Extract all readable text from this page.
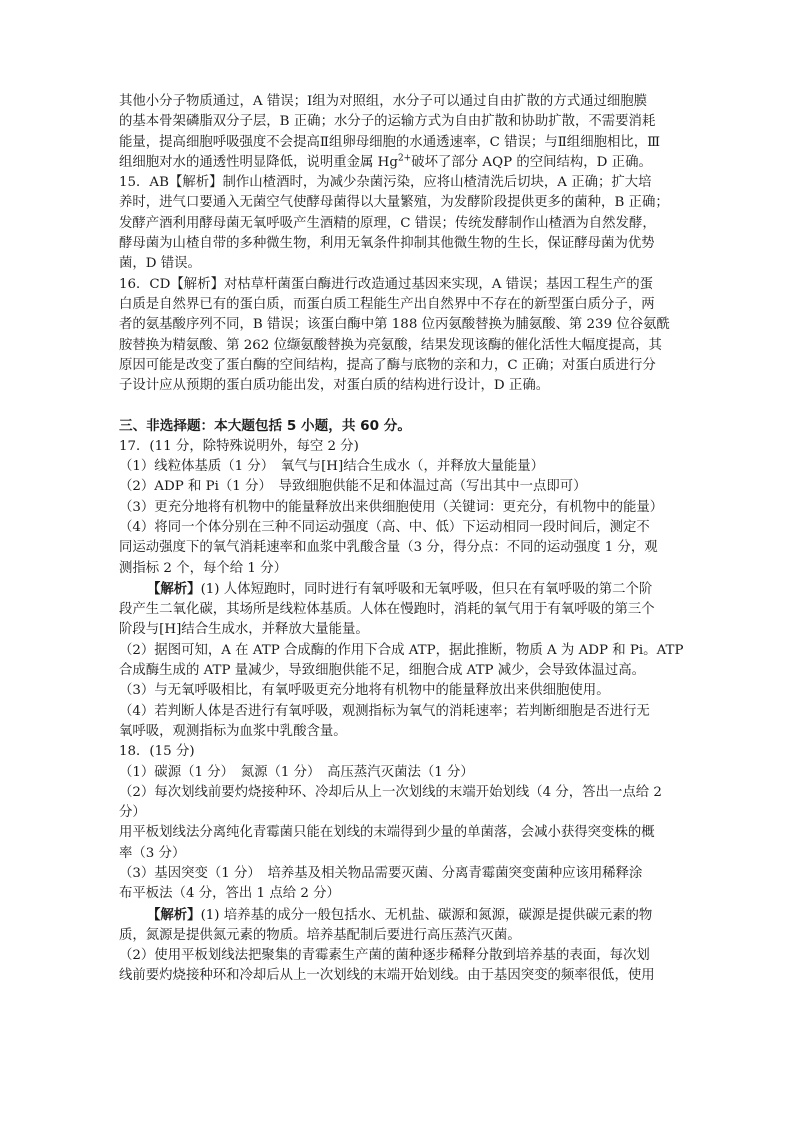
其他小分子物质通过，A 错误；I组为对照组，水分子可以通过自由扩散的方式通过细胞膜
的基本骨架磷脂双分子层，B 正确；水分子的运输方式为自由扩散和协助扩散，不需要消耗
能量，提高细胞呼吸强度不会提高Ⅱ组卵母细胞的水通透速率，C 错误；与Ⅱ组细胞相比，Ⅲ
组细胞对水的通透性明显降低，说明重金属 $Hg^{2+}$破坏了部分 AQP 的空间结构，D 正确。
15．AB【解析】制作山楂酒时，为减少杂菌污染，应将山楂清洗后切块，A 正确；扩大培
养时，进气口要通入无菌空气使酵母菌得以大量繁殖，为发酵阶段提供更多的菌种，B 正确；
发酵产酒利用酵母菌无氧呼吸产生酒精的原理，C 错误；传统发酵制作山楂酒为自然发酵，
酵母菌为山楂自带的多种微生物，利用无氧条件抑制其他微生物的生长，保证酵母菌为优势
菌，D 错误。
16．CD【解析】对枯草杆菌蛋白酶进行改造通过基因来实现，A 错误；基因工程生产的蛋
白质是自然界已有的蛋白质，而蛋白质工程能生产出自然界中不存在的新型蛋白质分子，两
者的氨基酸序列不同，B 错误；该蛋白酶中第 188 位丙氨酸替换为脯氨酸、第 239 位谷氨酰
胺替换为精氨酸、第 262 位缬氨酸替换为亮氨酸，结果发现该酶的催化活性大幅度提高，其
原因可能是改变了蛋白酶的空间结构，提高了酶与底物的亲和力，C 正确；对蛋白质进行分
子设计应从预期的蛋白质功能出发，对蛋白质的结构进行设计，D 正确。
三、非选择题：本大题包括 5 小题，共 60 分。
17．(11 分，除特殊说明外，每空 2 分)
（1）线粒体基质（1 分）　氧气与[H]结合生成水（，并释放大量能量）
（2）ADP 和 Pi（1 分）　导致细胞供能不足和体温过高（写出其中一点即可）
（3）更充分地将有机物中的能量释放出来供细胞使用（关键词：更充分，有机物中的能量）
（4）将同一个体分别在三种不同运动强度（高、中、低）下运动相同一段时间后，测定不
同运动强度下的氧气消耗速率和血浆中乳酸含量（3 分，得分点：不同的运动强度 1 分，观
测指标 2 个，每个给 1 分）
【解析】(1) 人体短跑时，同时进行有氧呼吸和无氧呼吸，但只在有氧呼吸的第二个阶
段产生二氧化碳，其场所是线粒体基质。人体在慢跑时，消耗的氧气用于有氧呼吸的第三个
阶段与[H]结合生成水，并释放大量能量。
（2）据图可知，A 在 ATP 合成酶的作用下合成 ATP，据此推断，物质 A 为 ADP 和 Pi。ATP
合成酶生成的 ATP 量减少，导致细胞供能不足，细胞合成 ATP 减少，会导致体温过高。
（3）与无氧呼吸相比，有氧呼吸更充分地将有机物中的能量释放出来供细胞使用。
（4）若判断人体是否进行有氧呼吸，观测指标为氧气的消耗速率；若判断细胞是否进行无
氧呼吸，观测指标为血浆中乳酸含量。
18．(15 分)
（1）碳源（1 分）　氮源（1 分）　高压蒸汽灭菌法（1 分）
（2）每次划线前要灼烧接种环、冷却后从上一次划线的末端开始划线（4 分，答出一点给 2
分）
用平板划线法分离纯化青霉菌只能在划线的末端得到少量的单菌落，会减小获得突变株的概
率（3 分）
（3）基因突变（1 分）　培养基及相关物品需要灭菌、分离青霉菌突变菌种应该用稀释涂
布平板法（4 分，答出 1 点给 2 分）
【解析】(1) 培养基的成分一般包括水、无机盐、碳源和氮源，碳源是提供碳元素的物
质，氮源是提供氮元素的物质。培养基配制后要进行高压蒸汽灭菌。
（2）使用平板划线法把聚集的青霉素生产菌的菌种逐步稀释分散到培养基的表面，每次划
线前要灼烧接种环和冷却后从上一次划线的末端开始划线。由于基因突变的频率很低，使用
